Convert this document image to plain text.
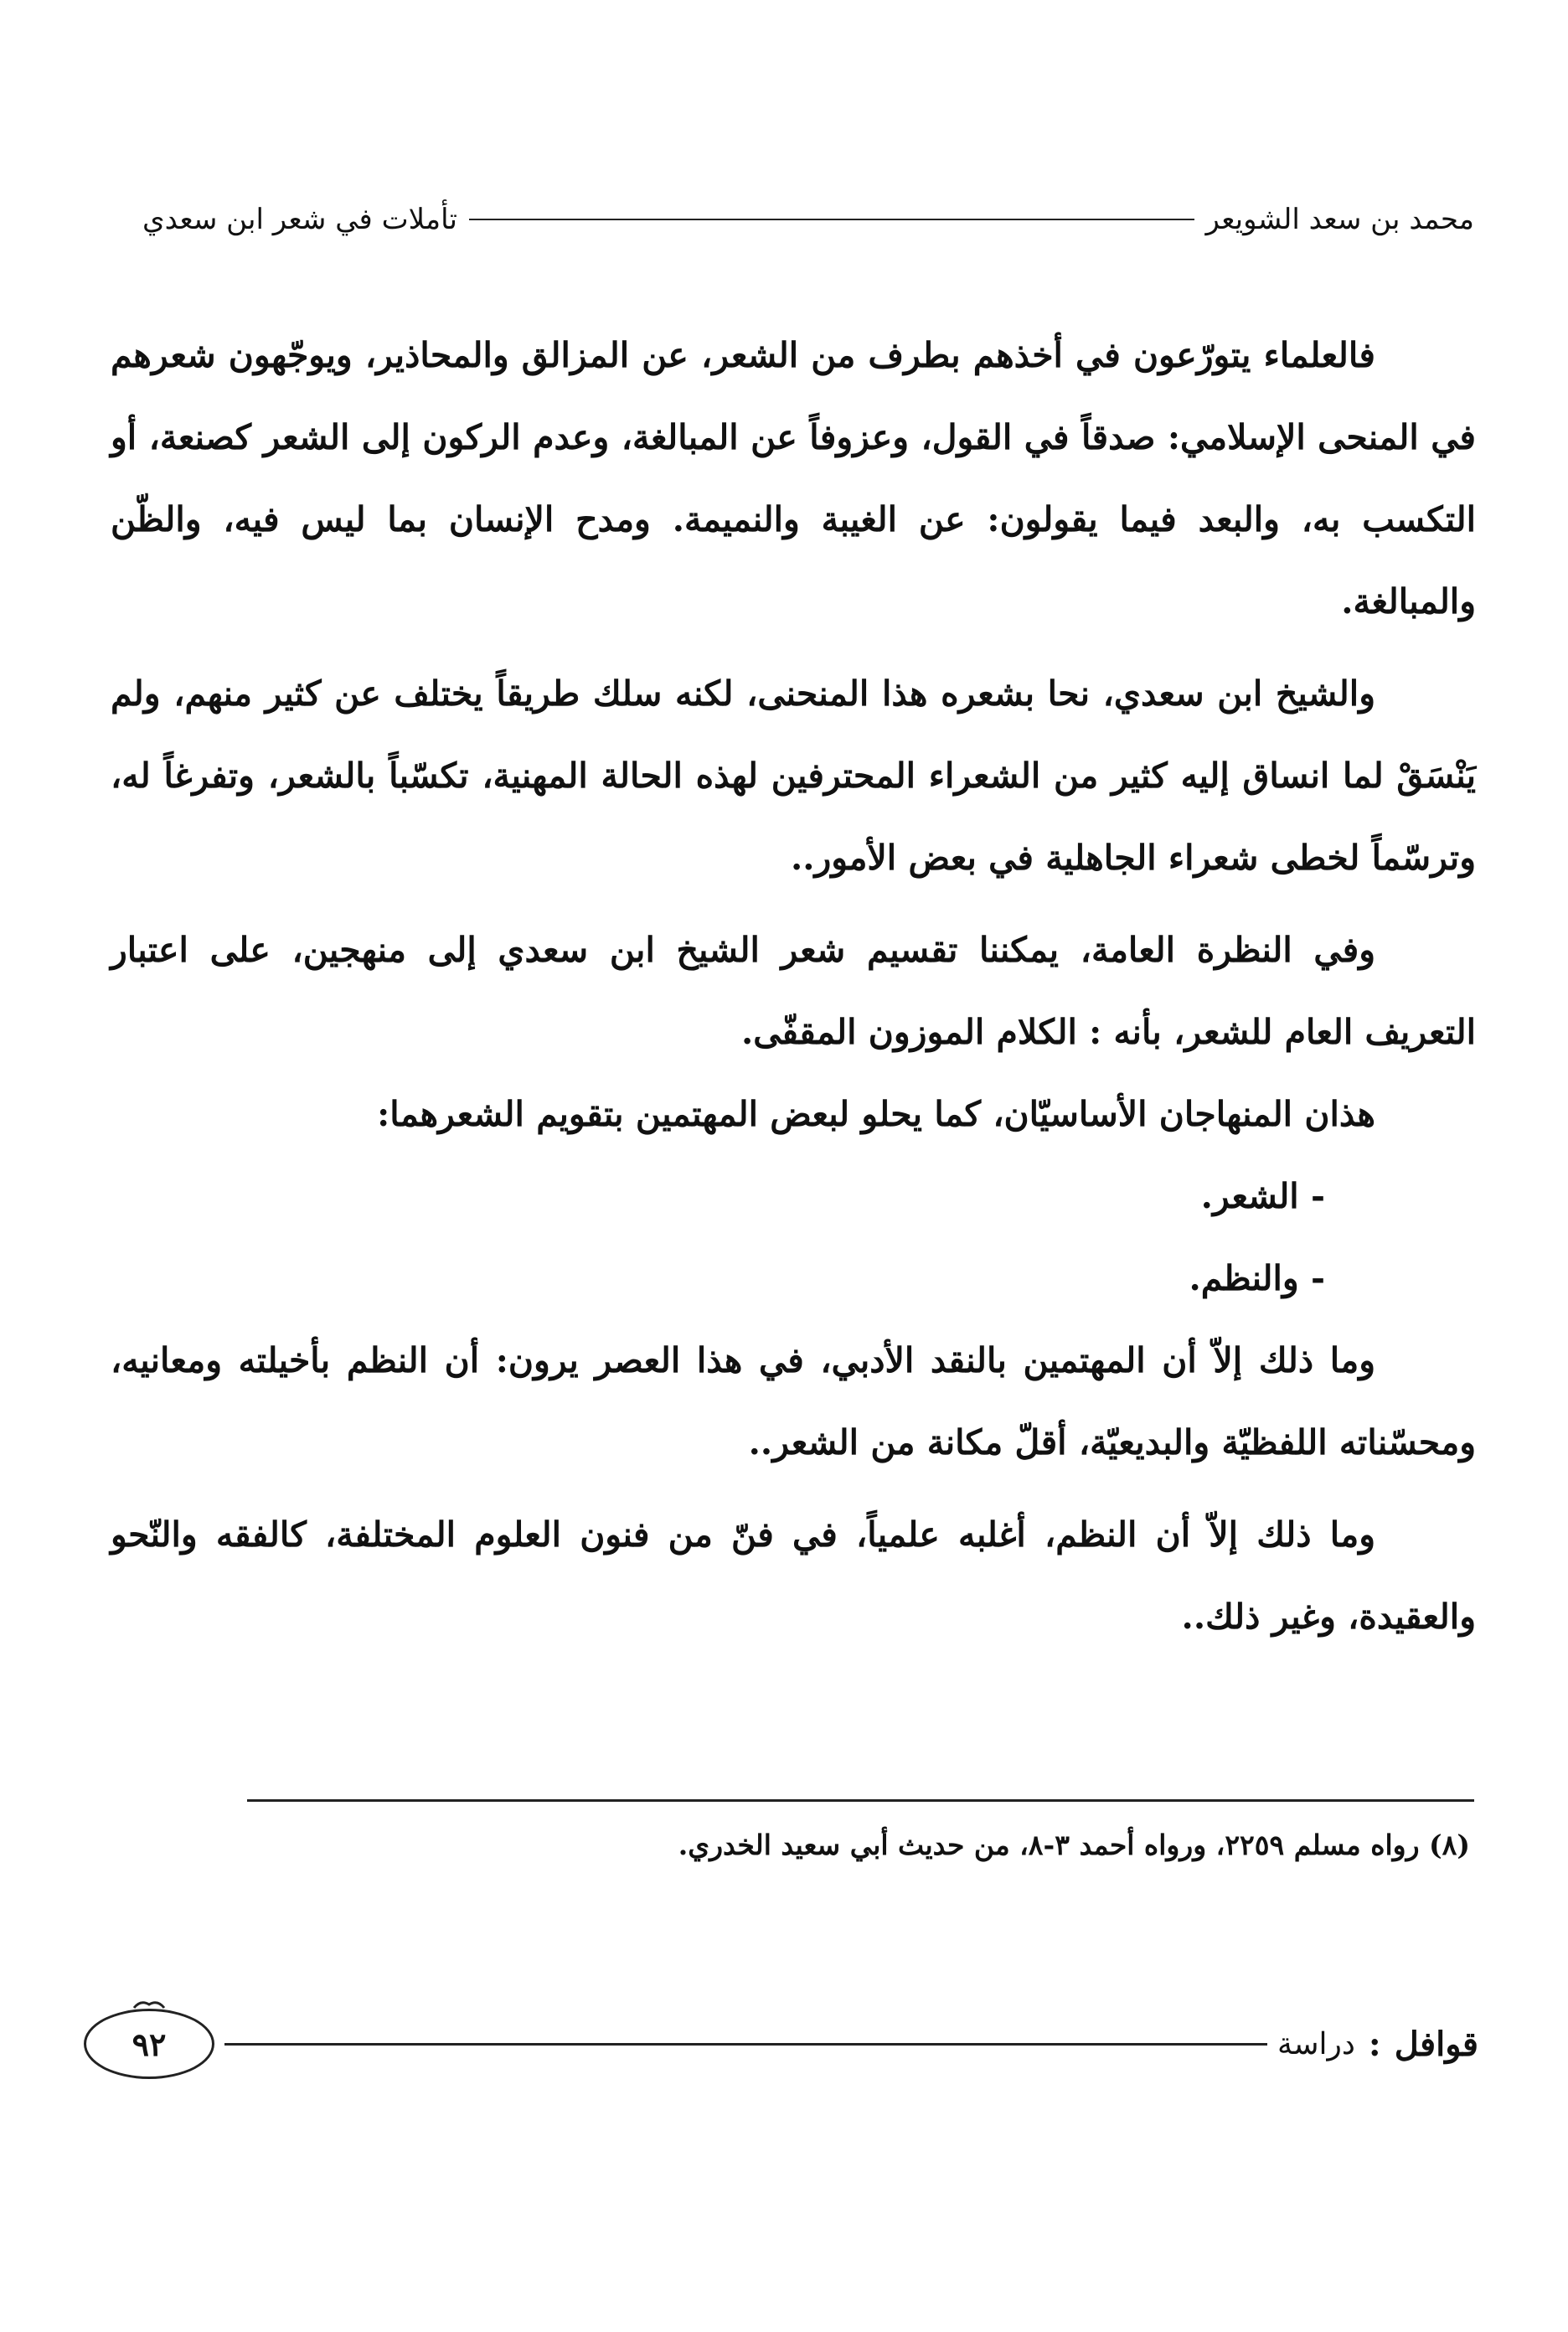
تأملات في شعر ابن سعدي	محمد بن سعد الشويعر

فالعلماء يتورّعون في أخذهم بطرف من الشعر، عن المزالق والمحاذير، ويوجّهون شعرهم في المنحى الإسلامي: صدقاً في القول، وعزوفاً عن المبالغة، وعدم الركون إلى الشعر كصنعة، أو التكسب به، والبعد فيما يقولون: عن الغيبة والنميمة. ومدح الإنسان بما ليس فيه، والظّن والمبالغة.

والشيخ ابن سعدي، نحا بشعره هذا المنحنى، لكنه سلك طريقاً يختلف عن كثير منهم، ولم يَنْسَقْ لما انساق إليه كثير من الشعراء المحترفين لهذه الحالة المهنية، تكسّباً بالشعر، وتفرغاً له، وترسّماً لخطى شعراء الجاهلية في بعض الأمور..

وفي النظرة العامة، يمكننا تقسيم شعر الشيخ ابن سعدي إلى منهجين، على اعتبار التعريف العام للشعر، بأنه : الكلام الموزون المقفّى.

هذان المنهاجان الأساسيّان، كما يحلو لبعض المهتمين بتقويم الشعرهما:

- الشعر.

- والنظم.

وما ذلك إلاّ أن المهتمين بالنقد الأدبي، في هذا العصر يرون: أن النظم بأخيلته ومعانيه، ومحسّناته اللفظيّة والبديعيّة، أقلّ مكانة من الشعر..

وما ذلك إلاّ أن النظم، أغلبه علمياً، في فنّ من فنون العلوم المختلفة، كالفقه والنّحو والعقيدة، وغير ذلك..

(٨) رواه مسلم ٢٢٥٩، ورواه أحمد ٣-٨، من حديث أبي سعيد الخدري.
قوافل
:
دراسة
٩٢
